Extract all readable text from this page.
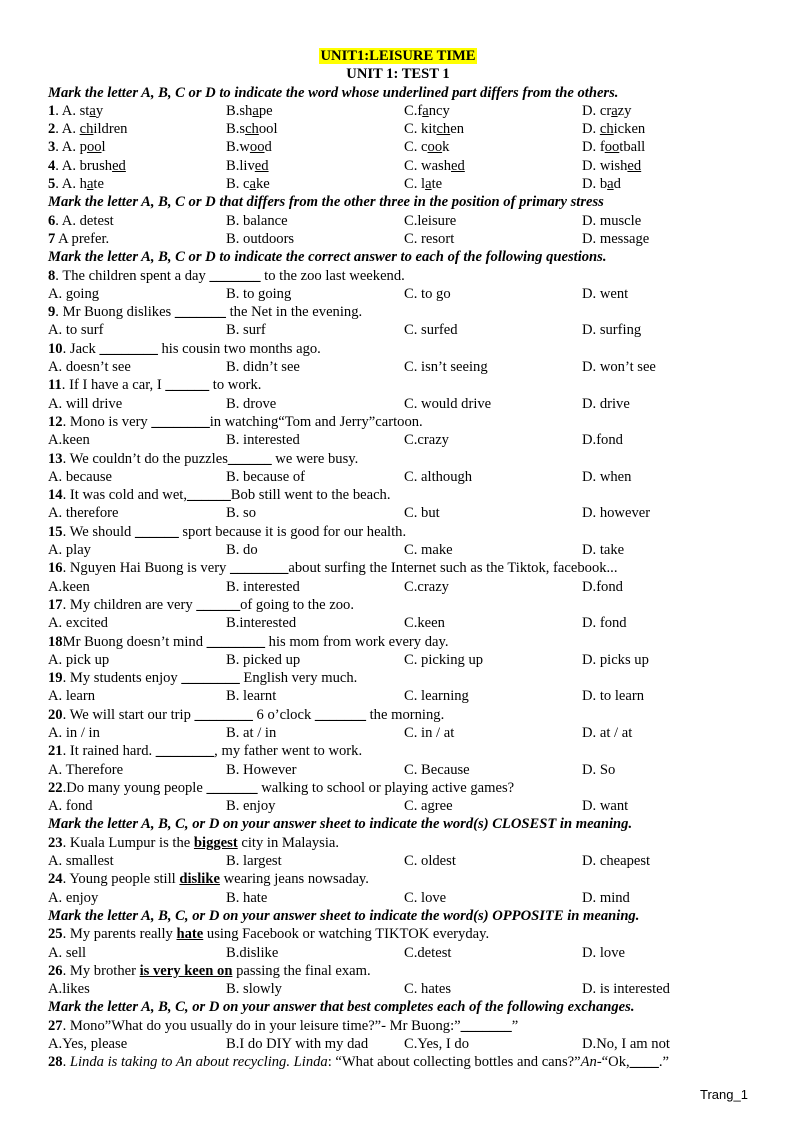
UNIT1:LEISURE TIME
UNIT 1: TEST 1
Mark the letter A, B, C or D to indicate the word whose underlined part differs from the others.
1. A. stay	B.shape	C.fancy	D. crazy
2. A. children	B.school	C. kitchen	D. chicken
3. A. pool	B.wood	C. cook	D. football
4. A. brushed	B.lived	C. washed	D. wished
5. A. hate	B. cake	C. late	D. bad
Mark the letter A, B, C or D that differs from the other three in the position of primary stress
6. A. detest	B. balance	C.leisure	D. muscle
7 A prefer.	B. outdoors	C. resort	D. message
Mark the letter A, B, C or D to indicate the correct answer to each of the following questions.
8. The children spent a day _______ to the zoo last weekend.
A. going	B. to going	C. to go	D. went
9. Mr Buong dislikes _______ the Net in the evening.
A. to surf	B. surf	C. surfed	D. surfing
10. Jack ________ his cousin two months ago.
A. doesn’t see	B. didn’t see	C. isn’t seeing	D. won’t see
11. If I have a car, I ______ to work.
A. will drive	B. drove	C. would drive	D. drive
12. Mono is very ________in watching“Tom and Jerry”cartoon.
A.keen	B. interested	C.crazy	D.fond
13. We couldn’t do the puzzles______ we were busy.
A. because	B. because of	C. although	D. when
14. It was cold and wet,______Bob still went to the beach.
A. therefore	B. so	C. but	D. however
15. We should ______ sport because it is good for our health.
A. play	B. do	C. make	D. take
16. Nguyen Hai Buong is very ________about surfing the Internet such as the Tiktok, facebook...
A.keen	B. interested	C.crazy	D.fond
17. My children are very ______of going to the zoo.
A. excited	B.interested	C.keen	D. fond
18Mr Buong doesn’t mind ________ his mom from work every day.
A. pick up	B. picked up	C. picking up	D. picks up
19. My students enjoy ________ English very much.
A. learn	B. learnt	C. learning	D. to learn
20. We will start our trip ________ 6 o’clock _______ the morning.
A. in / in	B. at / in	C. in / at	D. at / at
21. It rained hard. ________, my father went to work.
A. Therefore	B. However	C. Because	D. So
22.Do many young people _______ walking to school or playing active games?
A. fond	B. enjoy	C. agree	D. want
Mark the letter A, B, C, or D on your answer sheet to indicate the word(s) CLOSEST in meaning.
23. Kuala Lumpur is the biggest city in Malaysia.
A. smallest	B. largest	C. oldest	D. cheapest
24. Young people still dislike wearing jeans nowsaday.
A. enjoy	B. hate	C. love	D. mind
Mark the letter A, B, C, or D on your answer sheet to indicate the word(s) OPPOSITE in meaning.
25. My parents really hate using Facebook or watching TIKTOK everyday.
A. sell	B.dislike	C.detest	D. love
26. My brother is very keen on passing the final exam.
A.likes	B. slowly	C. hates	D. is interested
Mark the letter A, B, C, or D on your answer that best completes each of the following exchanges.
27. Mono”What do you usually do in your leisure time?”- Mr Buong:”_______”
A.Yes, please	B.I do DIY with my dad	C.Yes, I do	D.No, I am not
28. Linda is taking to An about recycling. Linda: “What about collecting bottles and cans?”An-“Ok,____.”
Trang_1
